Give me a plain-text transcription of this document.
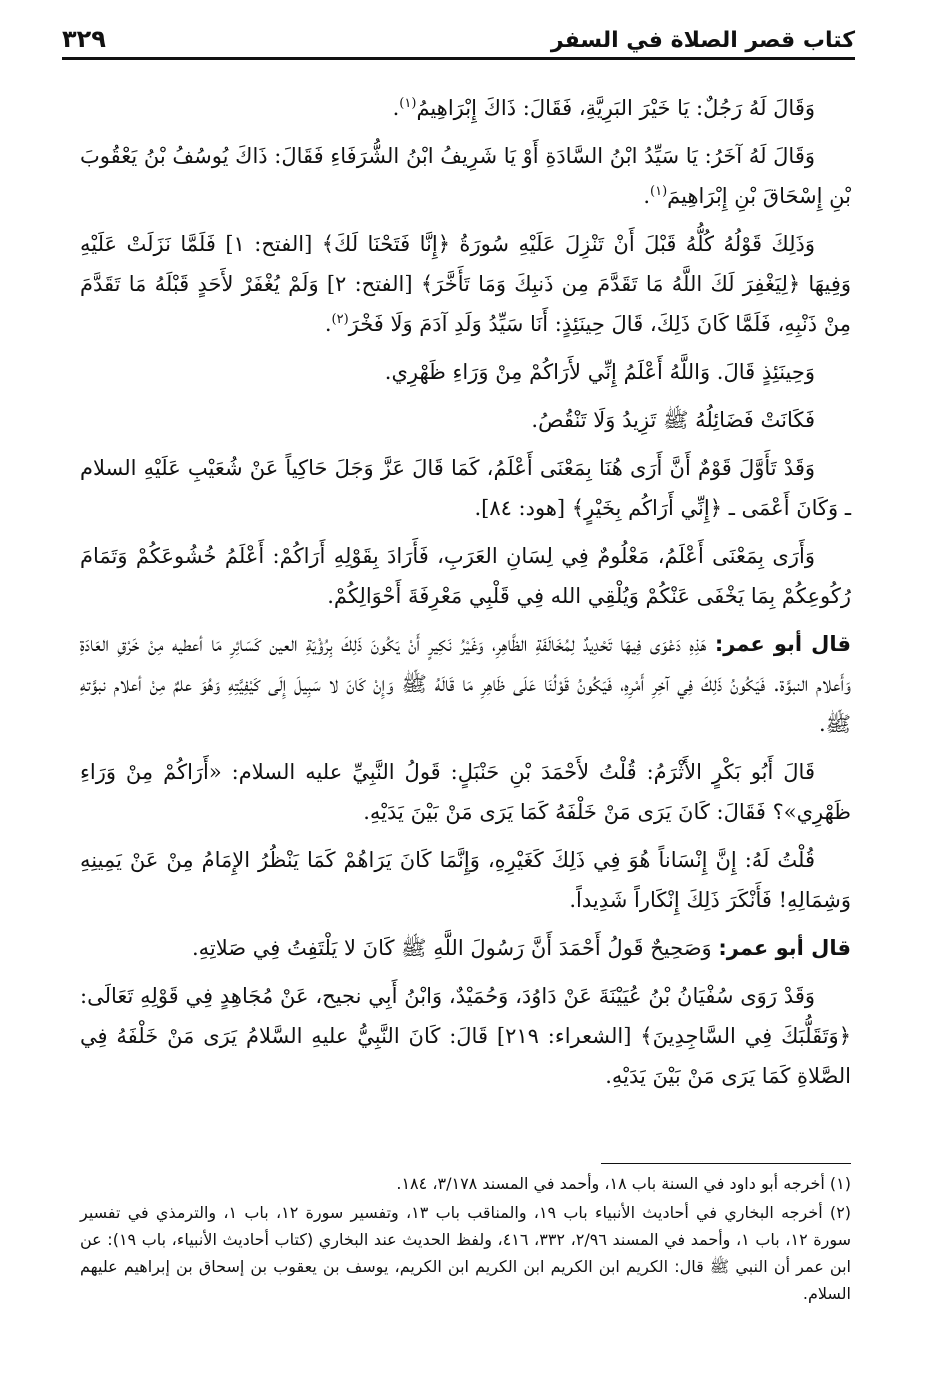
كتاب قصر الصلاة في السفر
٣٢٩

وَقَالَ لَهُ رَجُلٌ: يَا خَيْرَ البَرِيَّةِ، فَقَالَ: ذَاكَ إِبْرَاهِيمُ$^{(١)}$.

وَقَالَ لَهُ آخَرُ: يَا سَيِّدُ ابْنُ السَّادَةِ أَوْ يَا شَرِيفُ ابْنُ الشُّرَفَاءِ فَقَالَ: ذَاكَ يُوسُفُ بْنُ يَعْقُوبَ بْنِ إِسْحَاقَ بْنِ إِبْرَاهِيمَ$^{(١)}$.

وَذَلِكَ قَوْلُهُ كُلُّهُ قَبْلَ أَنْ تَنْزِلَ عَلَيْهِ سُورَةُ ﴿إِنَّا فَتَحْنَا لَكَ﴾ [الفتح: ١] فَلَمَّا نَزَلَتْ عَلَيْهِ وَفِيهَا ﴿لِيَغْفِرَ لَكَ اللَّهُ مَا تَقَدَّمَ مِن ذَنبِكَ وَمَا تَأَخَّرَ﴾ [الفتح: ٢] وَلَمْ يُغْفَرْ لأَحَدٍ قَبْلَهُ مَا تَقَدَّمَ مِنْ ذَنْبِهِ، فَلَمَّا كَانَ ذَلِكَ، قَالَ حِينَئِذٍ: أَنَا سَيِّدُ وَلَدِ آدَمَ وَلَا فَخْرَ$^{(٢)}$.

وَحِينَئِذٍ قَالَ. وَاللَّهُ أَعْلَمُ إِنِّي لأَرَاكُمْ مِنْ وَرَاءِ ظَهْرِي.

فَكَانَتْ فَضَائِلُهُ ﷺ تَزِيدُ وَلَا تَنْقُصُ.

وَقَدْ تَأَوَّلَ قَوْمٌ أَنَّ أَرَى هُنَا بِمَعْنَى أَعْلَمُ، كَمَا قَالَ عَزَّ وَجَلَ حَاكِياً عَنْ شُعَيْبِ عَلَيْهِ السلام ـ وَكَانَ أَعْمَى ـ ﴿إِنِّي أَرَاكُم بِخَيْرٍ﴾ [هود: ٨٤].

وَأَرَى بِمَعْنَى أَعْلَمُ، مَعْلُومٌ فِي لِسَانِ العَرَبِ، فَأَرَادَ بِقَوْلِهِ أَرَاكُمْ: أَعْلَمُ خُشُوعَكُمْ وَتَمَامَ رُكُوعِكُمْ بِمَا يَخْفَى عَنْكُمْ وَيُلْقِي الله فِي قَلْبِي مَعْرِفَةَ أَحْوَالِكُمْ.

قال أبو عمر: هَذِهِ دَعْوَى فِيهَا تَحْدِيدٌ لِمُخَالَفَةِ الظَّاهِرِ، وَغَيْرُ نَكِيرٍ أَنْ يَكُونَ ذَلِكَ بِرُؤْيَةِ العين كَسَائِرِ مَا أعطيه مِنْ خَرْقِ العَادَةِ وَأَعلام النبوَّة. فَيَكُونُ ذَلِكَ فِي آخِرِ أَمْرِهِ، فَيَكُونُ قَوْلُنَا عَلَى ظَاهِرِ مَا قَالَهُ ﷺ وَإِنْ كَانَ لا سَبِيلَ إِلَى كَيْفِيَّتِهِ وَهُوَ علمٌ مِنْ أعلام نبوَّتهِ ﷺ.

قَالَ أَبُو بَكْرٍ الأَثْرَمُ: قُلْتُ لأَحْمَدَ بْنِ حَنْبَلٍ: قَولُ النَّبِيِّ عليه السلام: «أَرَاكُمْ مِنْ وَرَاءِ ظَهْرِي»؟ فَقَالَ: كَانَ يَرَى مَنْ خَلْفَهُ كَمَا يَرَى مَنْ بَيْنَ يَدَيْهِ.

قُلْتُ لَهُ: إِنَّ إِنْسَاناً هُوَ فِي ذَلِكَ كَغَيْرِهِ، وَإِنَّمَا كَانَ يَرَاهُمْ كَمَا يَنْظُرُ الإِمَامُ مِنْ عَنْ يَمِينِهِ وَشِمَالِهِ! فَأَنْكَرَ ذَلِكَ إِنْكَاراً شَدِيداً.

قال أبو عمر: وَصَحِيحٌ قَولُ أَحْمَدَ أَنَّ رَسُولَ اللَّهِ ﷺ كَانَ لا يَلْتَفِتُ فِي صَلاتِهِ.

وَقَدْ رَوَى سُفْيَانُ بْنُ عُيَيْنَةَ عَنْ دَاوُدَ، وَحُمَيْدٌ، وَابْنُ أَبِي نجيح، عَنْ مُجَاهِدٍ فِي قَوْلِهِ تَعَالَى: ﴿وَتَقَلُّبَكَ فِي السَّاجِدِينَ﴾ [الشعراء: ٢١٩] قَالَ: كَانَ النَّبِيُّ عليهِ السَّلامُ يَرَى مَنْ خَلْفَهُ فِي الصَّلاةِ كَمَا يَرَى مَنْ بَيْنَ يَدَيْهِ.

(١) أخرجه أبو داود في السنة باب ١٨، وأحمد في المسند ٣/١٧٨، ١٨٤.

(٢) أخرجه البخاري في أحاديث الأنبياء باب ١٩، والمناقب باب ١٣، وتفسير سورة ١٢، باب ١، والترمذي في تفسير سورة ١٢، باب ١، وأحمد في المسند ٢/٩٦، ٣٣٢، ٤١٦، ولفظ الحديث عند البخاري (كتاب أحاديث الأنبياء، باب ١٩): عن ابن عمر أن النبي ﷺ قال: الكريم ابن الكريم ابن الكريم ابن الكريم، يوسف بن يعقوب بن إسحاق بن إبراهيم عليهم السلام.
